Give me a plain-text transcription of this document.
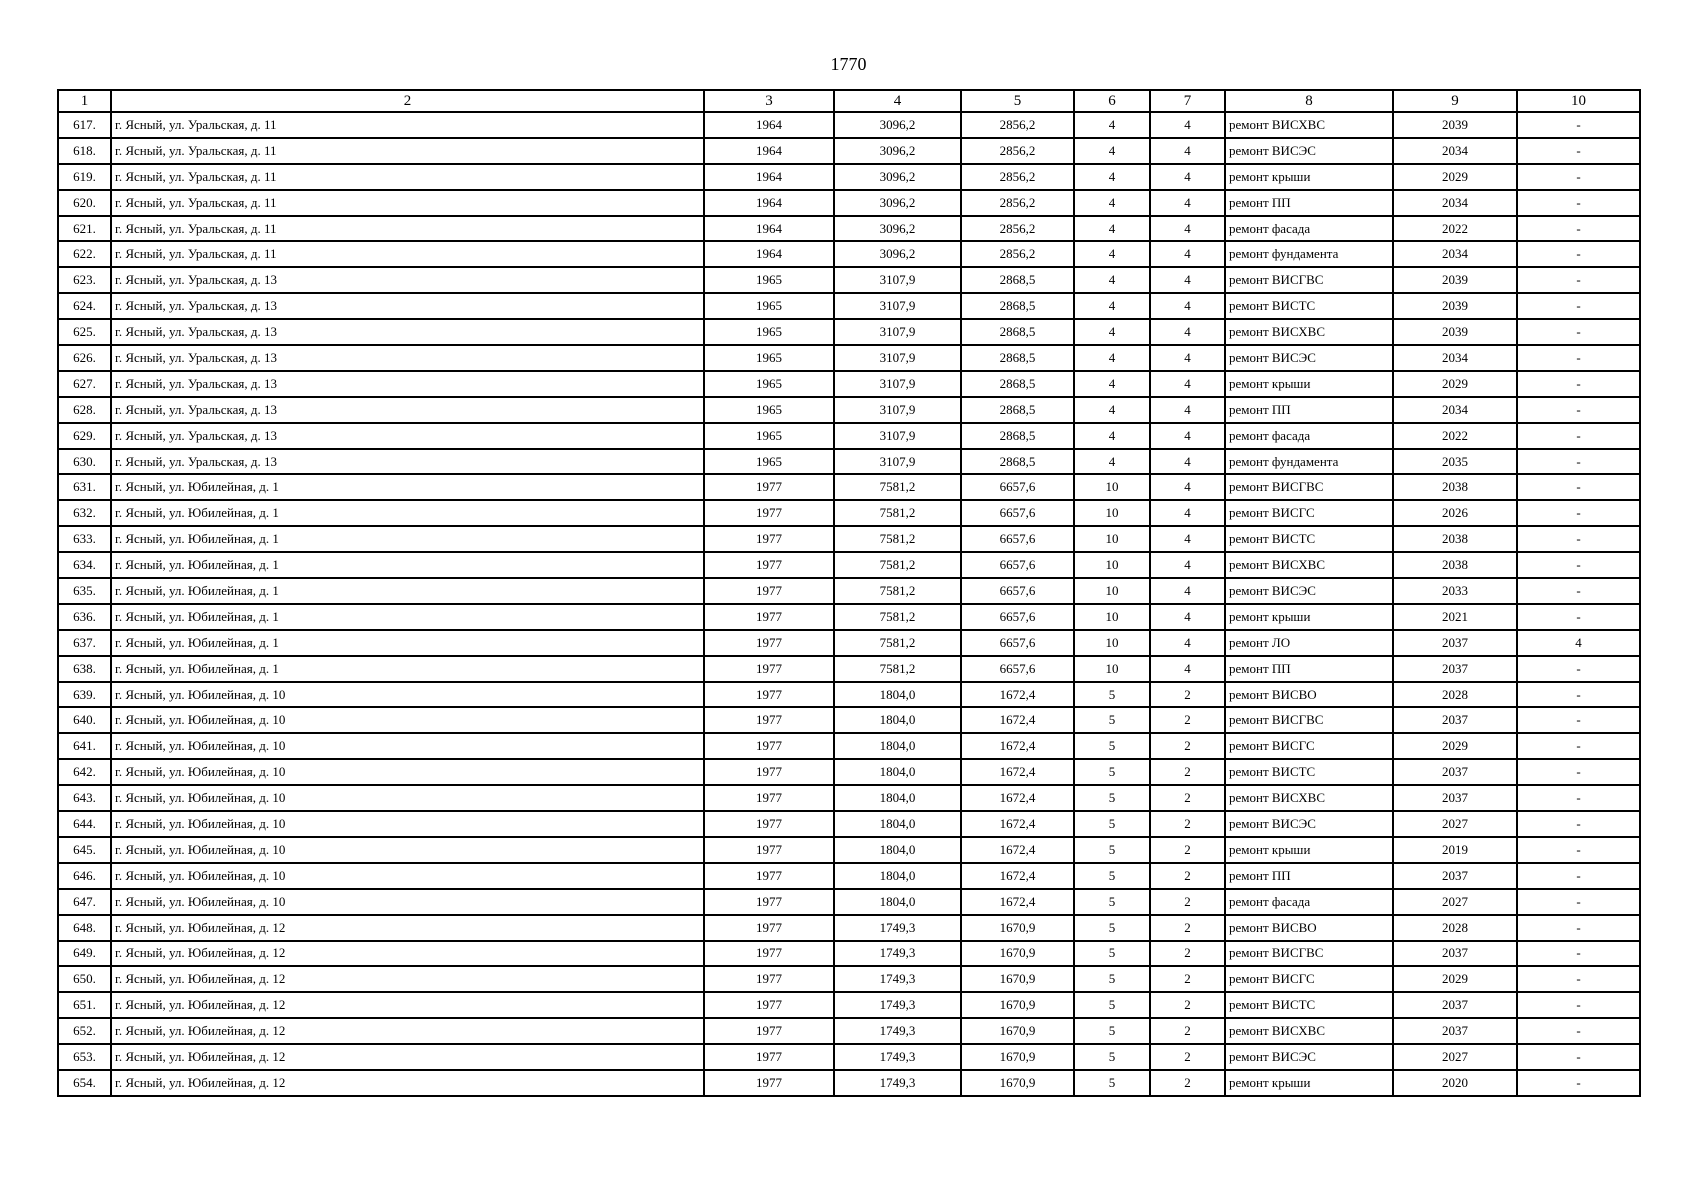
1770
1	2	3	4	5	6	7	8	9	10
617.	г. Ясный, ул. Уральская, д. 11	1964	3096,2	2856,2	4	4	ремонт ВИСХВС	2039	-
618.	г. Ясный, ул. Уральская, д. 11	1964	3096,2	2856,2	4	4	ремонт ВИСЭС	2034	-
619.	г. Ясный, ул. Уральская, д. 11	1964	3096,2	2856,2	4	4	ремонт крыши	2029	-
620.	г. Ясный, ул. Уральская, д. 11	1964	3096,2	2856,2	4	4	ремонт ПП	2034	-
621.	г. Ясный, ул. Уральская, д. 11	1964	3096,2	2856,2	4	4	ремонт фасада	2022	-
622.	г. Ясный, ул. Уральская, д. 11	1964	3096,2	2856,2	4	4	ремонт фундамента	2034	-
623.	г. Ясный, ул. Уральская, д. 13	1965	3107,9	2868,5	4	4	ремонт ВИСГВС	2039	-
624.	г. Ясный, ул. Уральская, д. 13	1965	3107,9	2868,5	4	4	ремонт ВИСТС	2039	-
625.	г. Ясный, ул. Уральская, д. 13	1965	3107,9	2868,5	4	4	ремонт ВИСХВС	2039	-
626.	г. Ясный, ул. Уральская, д. 13	1965	3107,9	2868,5	4	4	ремонт ВИСЭС	2034	-
627.	г. Ясный, ул. Уральская, д. 13	1965	3107,9	2868,5	4	4	ремонт крыши	2029	-
628.	г. Ясный, ул. Уральская, д. 13	1965	3107,9	2868,5	4	4	ремонт ПП	2034	-
629.	г. Ясный, ул. Уральская, д. 13	1965	3107,9	2868,5	4	4	ремонт фасада	2022	-
630.	г. Ясный, ул. Уральская, д. 13	1965	3107,9	2868,5	4	4	ремонт фундамента	2035	-
631.	г. Ясный, ул. Юбилейная, д. 1	1977	7581,2	6657,6	10	4	ремонт ВИСГВС	2038	-
632.	г. Ясный, ул. Юбилейная, д. 1	1977	7581,2	6657,6	10	4	ремонт ВИСГС	2026	-
633.	г. Ясный, ул. Юбилейная, д. 1	1977	7581,2	6657,6	10	4	ремонт ВИСТС	2038	-
634.	г. Ясный, ул. Юбилейная, д. 1	1977	7581,2	6657,6	10	4	ремонт ВИСХВС	2038	-
635.	г. Ясный, ул. Юбилейная, д. 1	1977	7581,2	6657,6	10	4	ремонт ВИСЭС	2033	-
636.	г. Ясный, ул. Юбилейная, д. 1	1977	7581,2	6657,6	10	4	ремонт крыши	2021	-
637.	г. Ясный, ул. Юбилейная, д. 1	1977	7581,2	6657,6	10	4	ремонт ЛО	2037	4
638.	г. Ясный, ул. Юбилейная, д. 1	1977	7581,2	6657,6	10	4	ремонт ПП	2037	-
639.	г. Ясный, ул. Юбилейная, д. 10	1977	1804,0	1672,4	5	2	ремонт ВИСВО	2028	-
640.	г. Ясный, ул. Юбилейная, д. 10	1977	1804,0	1672,4	5	2	ремонт ВИСГВС	2037	-
641.	г. Ясный, ул. Юбилейная, д. 10	1977	1804,0	1672,4	5	2	ремонт ВИСГС	2029	-
642.	г. Ясный, ул. Юбилейная, д. 10	1977	1804,0	1672,4	5	2	ремонт ВИСТС	2037	-
643.	г. Ясный, ул. Юбилейная, д. 10	1977	1804,0	1672,4	5	2	ремонт ВИСХВС	2037	-
644.	г. Ясный, ул. Юбилейная, д. 10	1977	1804,0	1672,4	5	2	ремонт ВИСЭС	2027	-
645.	г. Ясный, ул. Юбилейная, д. 10	1977	1804,0	1672,4	5	2	ремонт крыши	2019	-
646.	г. Ясный, ул. Юбилейная, д. 10	1977	1804,0	1672,4	5	2	ремонт ПП	2037	-
647.	г. Ясный, ул. Юбилейная, д. 10	1977	1804,0	1672,4	5	2	ремонт фасада	2027	-
648.	г. Ясный, ул. Юбилейная, д. 12	1977	1749,3	1670,9	5	2	ремонт ВИСВО	2028	-
649.	г. Ясный, ул. Юбилейная, д. 12	1977	1749,3	1670,9	5	2	ремонт ВИСГВС	2037	-
650.	г. Ясный, ул. Юбилейная, д. 12	1977	1749,3	1670,9	5	2	ремонт ВИСГС	2029	-
651.	г. Ясный, ул. Юбилейная, д. 12	1977	1749,3	1670,9	5	2	ремонт ВИСТС	2037	-
652.	г. Ясный, ул. Юбилейная, д. 12	1977	1749,3	1670,9	5	2	ремонт ВИСХВС	2037	-
653.	г. Ясный, ул. Юбилейная, д. 12	1977	1749,3	1670,9	5	2	ремонт ВИСЭС	2027	-
654.	г. Ясный, ул. Юбилейная, д. 12	1977	1749,3	1670,9	5	2	ремонт крыши	2020	-
